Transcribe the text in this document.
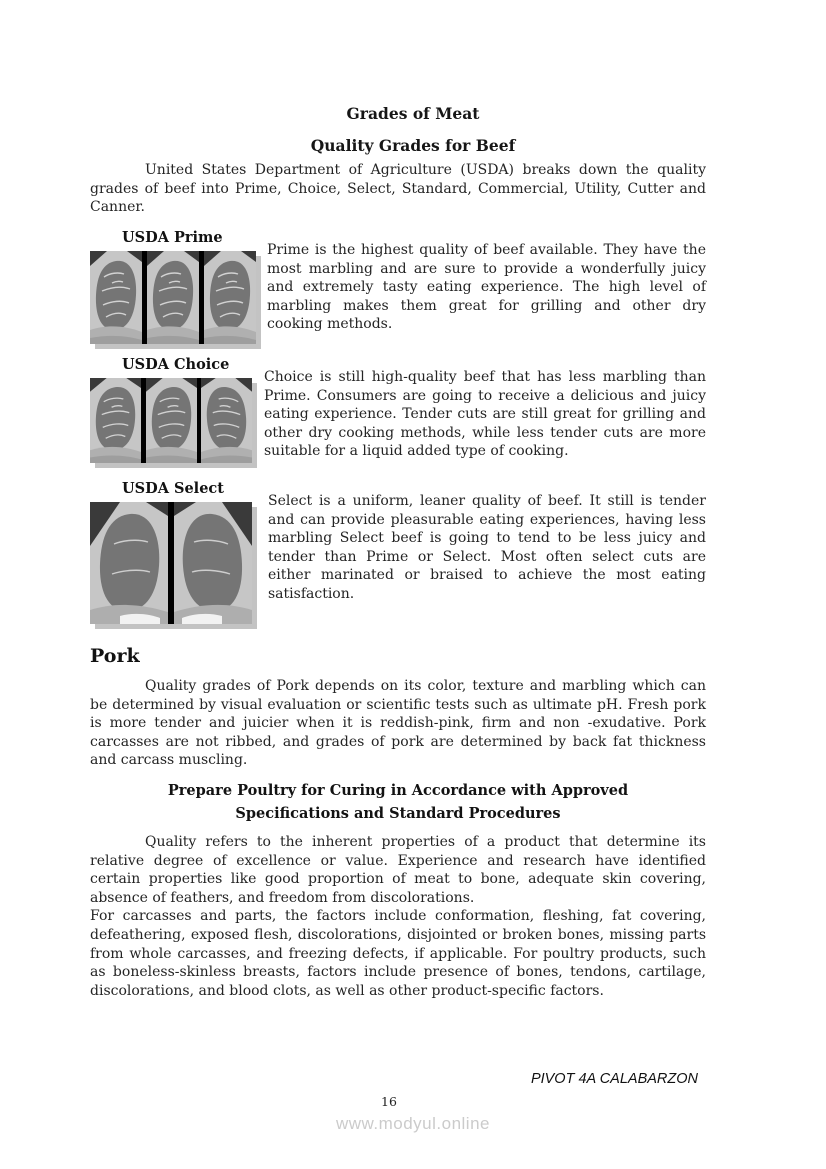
Grades of Meat
Quality Grades for Beef

United States Department of Agriculture (USDA) breaks down the quality grades of beef into Prime, Choice, Select, Standard, Commercial, Utility, Cutter and Canner.

USDA Prime

Prime is the highest quality of beef available. They have the most marbling and are sure to provide a wonderfully juicy and extremely tasty eating experience. The high level of marbling makes them great for grilling and other dry cooking methods.

USDA Choice

Choice is still high-quality beef that has less marbling than Prime. Consumers are going to receive a delicious and juicy eating experience. Tender cuts are still great for grilling and other dry cooking methods, while less tender cuts are more suitable for a liquid added type of cooking.

USDA Select

Select is a uniform, leaner quality of beef. It still is tender and can provide pleasurable eating experiences, having less marbling Select beef is going to tend to be less juicy and tender than Prime or Select. Most often select cuts are either marinated or braised to achieve the most eating satisfaction.

Pork

Quality grades of Pork depends on its color, texture and marbling which can be determined by visual evaluation or scientific tests such as ultimate pH. Fresh pork is more tender and juicier when it is reddish-pink, firm and non -exudative. Pork carcasses are not ribbed, and grades of pork are determined by back fat thickness and carcass muscling.

Prepare Poultry for Curing in Accordance with Approved
Specifications and Standard Procedures

Quality refers to the inherent properties of a product that determine its relative degree of excellence or value. Experience and research have identified certain properties like good proportion of meat to bone, adequate skin covering, absence of feathers, and freedom from discolorations.

For carcasses and parts, the factors include conformation, fleshing, fat covering, defeathering, exposed flesh, discolorations, disjointed or broken bones, missing parts from whole carcasses, and freezing defects, if applicable. For poultry products, such as boneless-skinless breasts, factors include presence of bones, tendons, cartilage, discolorations, and blood clots, as well as other product-specific factors.

PIVOT 4A CALABARZON
16
www.modyul.online
